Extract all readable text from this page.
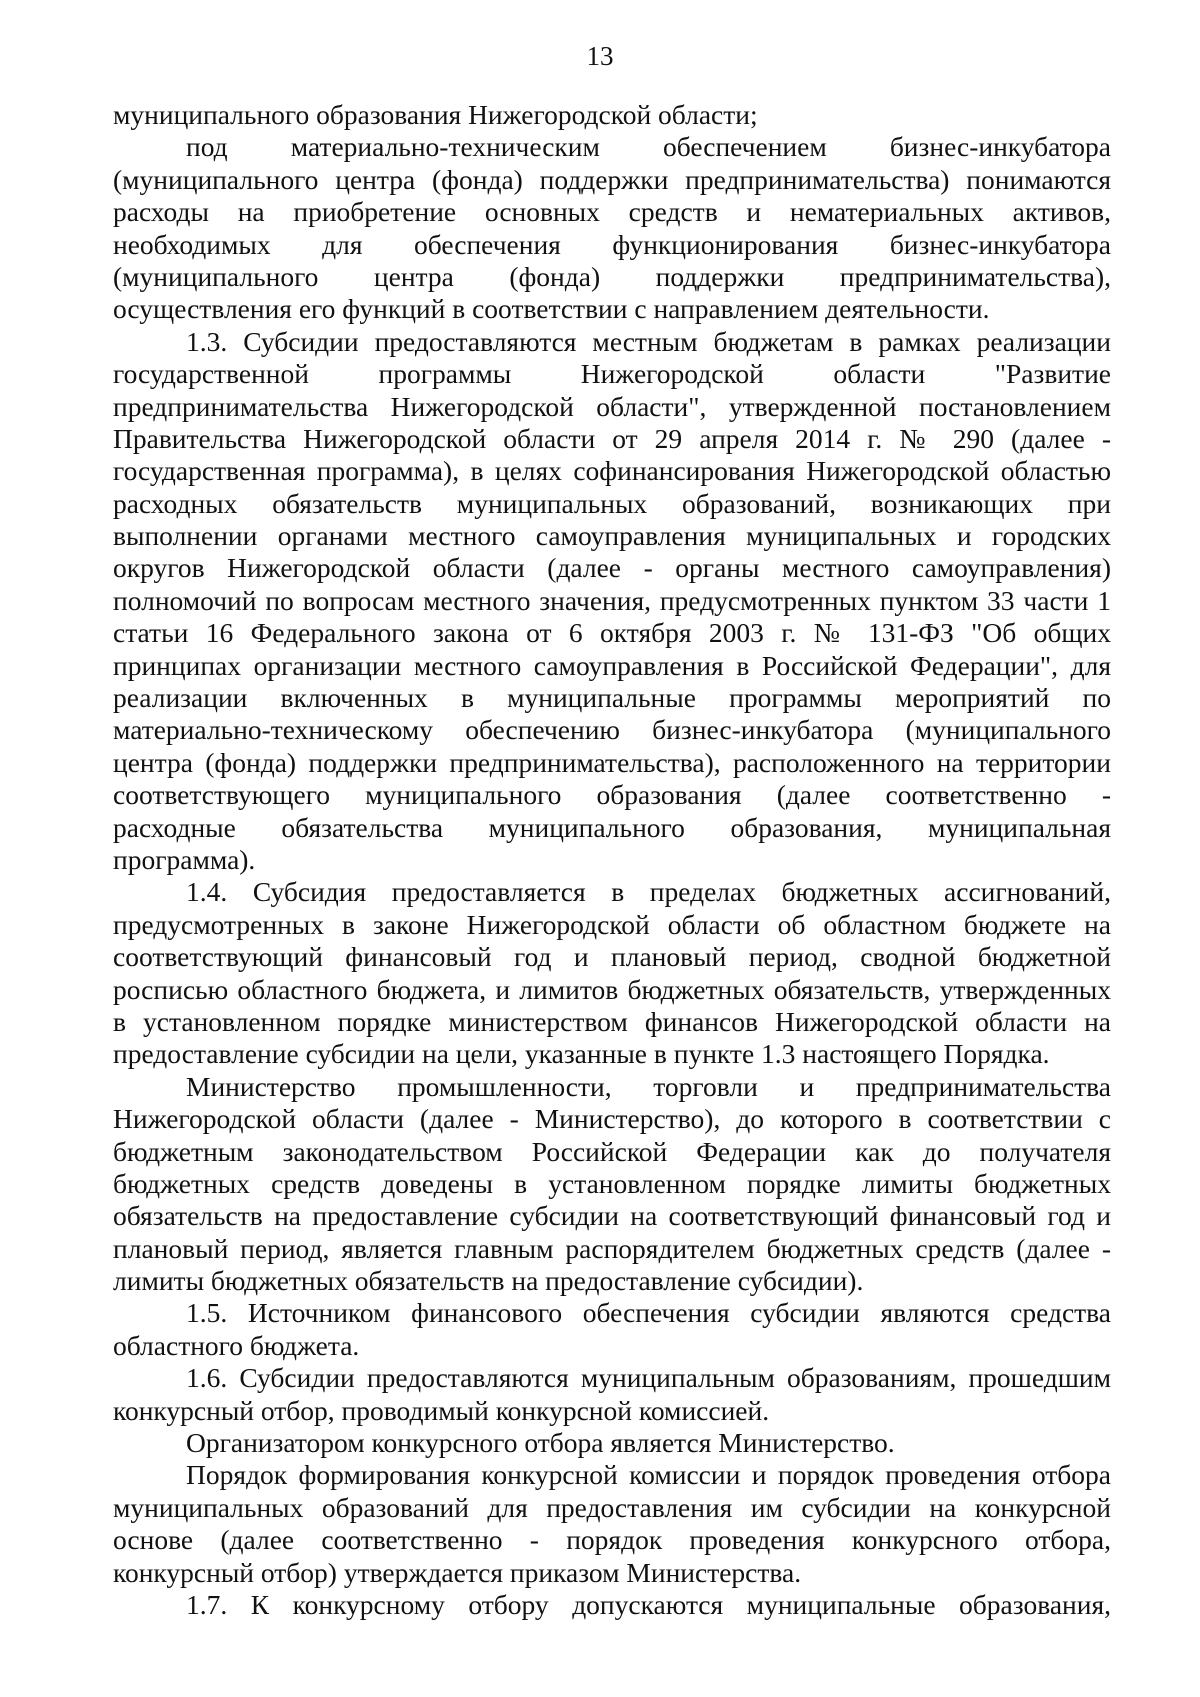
13
муниципального образования Нижегородской области;
под материально-техническим обеспечением бизнес-инкубатора
(муниципального центра (фонда) поддержки предпринимательства) понимаются
расходы на приобретение основных средств и нематериальных активов,
необходимых для обеспечения функционирования бизнес-инкубатора
(муниципального центра (фонда) поддержки предпринимательства),
осуществления его функций в соответствии с направлением деятельности.
1.3. Субсидии предоставляются местным бюджетам в рамках реализации
государственной программы Нижегородской области "Развитие
предпринимательства Нижегородской области", утвержденной постановлением
Правительства Нижегородской области от 29 апреля 2014 г. № 290 (далее -
государственная программа), в целях софинансирования Нижегородской областью
расходных обязательств муниципальных образований, возникающих при
выполнении органами местного самоуправления муниципальных и городских
округов Нижегородской области (далее - органы местного самоуправления)
полномочий по вопросам местного значения, предусмотренных пунктом 33 части 1
статьи 16 Федерального закона от 6 октября 2003 г. № 131-ФЗ "Об общих
принципах организации местного самоуправления в Российской Федерации", для
реализации включенных в муниципальные программы мероприятий по
материально-техническому обеспечению бизнес-инкубатора (муниципального
центра (фонда) поддержки предпринимательства), расположенного на территории
соответствующего муниципального образования (далее соответственно -
расходные обязательства муниципального образования, муниципальная
программа).
1.4. Субсидия предоставляется в пределах бюджетных ассигнований,
предусмотренных в законе Нижегородской области об областном бюджете на
соответствующий финансовый год и плановый период, сводной бюджетной
росписью областного бюджета, и лимитов бюджетных обязательств, утвержденных
в установленном порядке министерством финансов Нижегородской области на
предоставление субсидии на цели, указанные в пункте 1.3 настоящего Порядка.
Министерство промышленности, торговли и предпринимательства
Нижегородской области (далее - Министерство), до которого в соответствии с
бюджетным законодательством Российской Федерации как до получателя
бюджетных средств доведены в установленном порядке лимиты бюджетных
обязательств на предоставление субсидии на соответствующий финансовый год и
плановый период, является главным распорядителем бюджетных средств (далее -
лимиты бюджетных обязательств на предоставление субсидии).
1.5. Источником финансового обеспечения субсидии являются средства
областного бюджета.
1.6. Субсидии предоставляются муниципальным образованиям, прошедшим
конкурсный отбор, проводимый конкурсной комиссией.
Организатором конкурсного отбора является Министерство.
Порядок формирования конкурсной комиссии и порядок проведения отбора
муниципальных образований для предоставления им субсидии на конкурсной
основе (далее соответственно - порядок проведения конкурсного отбора,
конкурсный отбор) утверждается приказом Министерства.
1.7. К конкурсному отбору допускаются муниципальные образования,
